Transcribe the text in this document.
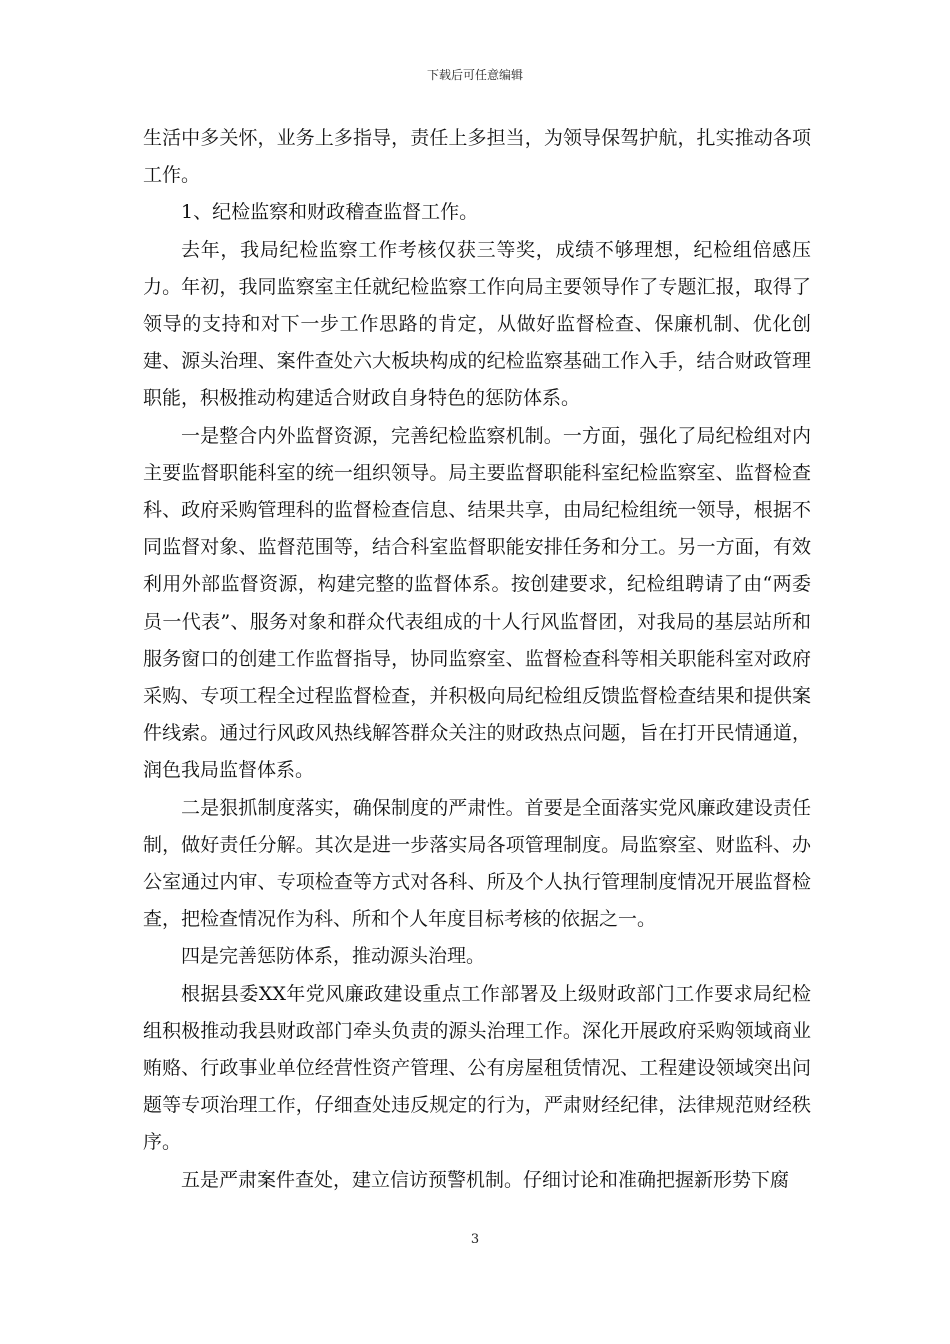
下载后可任意编辑

生活中多关怀，业务上多指导，责任上多担当，为领导保驾护航，扎实推动各项工作。

1、纪检监察和财政稽查监督工作。

去年，我局纪检监察工作考核仅获三等奖，成绩不够理想，纪检组倍感压力。年初，我同监察室主任就纪检监察工作向局主要领导作了专题汇报，取得了领导的支持和对下一步工作思路的肯定，从做好监督检查、保廉机制、优化创建、源头治理、案件查处六大板块构成的纪检监察基础工作入手，结合财政管理职能，积极推动构建适合财政自身特色的惩防体系。

一是整合内外监督资源，完善纪检监察机制。一方面，强化了局纪检组对内主要监督职能科室的统一组织领导。局主要监督职能科室纪检监察室、监督检查科、政府采购管理科的监督检查信息、结果共享，由局纪检组统一领导，根据不同监督对象、监督范围等，结合科室监督职能安排任务和分工。另一方面，有效利用外部监督资源，构建完整的监督体系。按创建要求，纪检组聘请了由“两委员一代表”、服务对象和群众代表组成的十人行风监督团，对我局的基层站所和服务窗口的创建工作监督指导，协同监察室、监督检查科等相关职能科室对政府采购、专项工程全过程监督检查，并积极向局纪检组反馈监督检查结果和提供案件线索。通过行风政风热线解答群众关注的财政热点问题，旨在打开民情通道，润色我局监督体系。

二是狠抓制度落实，确保制度的严肃性。首要是全面落实党风廉政建设责任制，做好责任分解。其次是进一步落实局各项管理制度。局监察室、财监科、办公室通过内审、专项检查等方式对各科、所及个人执行管理制度情况开展监督检查，把检查情况作为科、所和个人年度目标考核的依据之一。

四是完善惩防体系，推动源头治理。

根据县委XX年党风廉政建设重点工作部署及上级财政部门工作要求局纪检组积极推动我县财政部门牵头负责的源头治理工作。深化开展政府采购领域商业贿赂、行政事业单位经营性资产管理、公有房屋租赁情况、工程建设领域突出问题等专项治理工作，仔细查处违反规定的行为，严肃财经纪律，法律规范财经秩序。

五是严肃案件查处，建立信访预警机制。仔细讨论和准确把握新形势下腐

3
